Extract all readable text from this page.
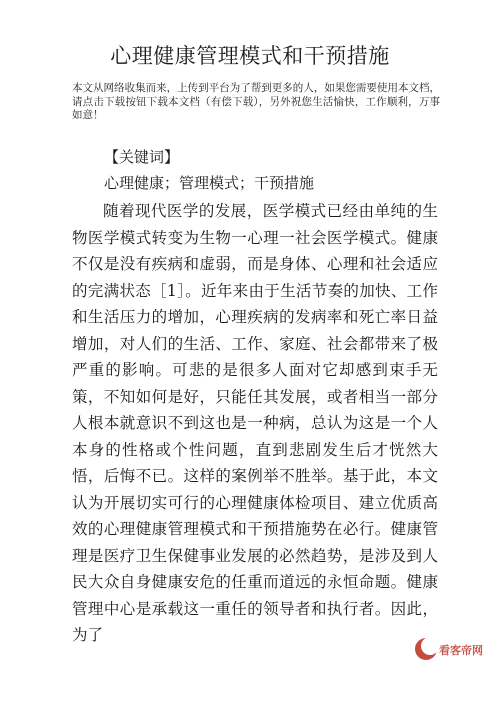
心理健康管理模式和干预措施
本文从网络收集而来，上传到平台为了帮到更多的人，如果您需要使用本文档，请点击下载按钮下载本文档（有偿下载），另外祝您生活愉快，工作顺利，万事如意！
【关键词】
心理健康；管理模式；干预措施

随着现代医学的发展，医学模式已经由单纯的生物医学模式转变为生物一心理一社会医学模式。健康不仅是没有疾病和虚弱，而是身体、心理和社会适应的完满状态［1］。近年来由于生活节奏的加快、工作和生活压力的增加，心理疾病的发病率和死亡率日益增加，对人们的生活、工作、家庭、社会都带来了极严重的影响。可悲的是很多人面对它却感到束手无策，不知如何是好，只能任其发展，或者相当一部分人根本就意识不到这也是一种病，总认为这是一个人本身的性格或个性问题，直到悲剧发生后才恍然大悟，后悔不已。这样的案例举不胜举。基于此，本文认为开展切实可行的心理健康体检项目、建立优质高效的心理健康管理模式和干预措施势在必行。健康管理是医疗卫生保健事业发展的必然趋势，是涉及到人民大众自身健康安危的任重而道远的永恒命题。健康管理中心是承载这一重任的领导者和执行者。因此，为了

看客帝网
